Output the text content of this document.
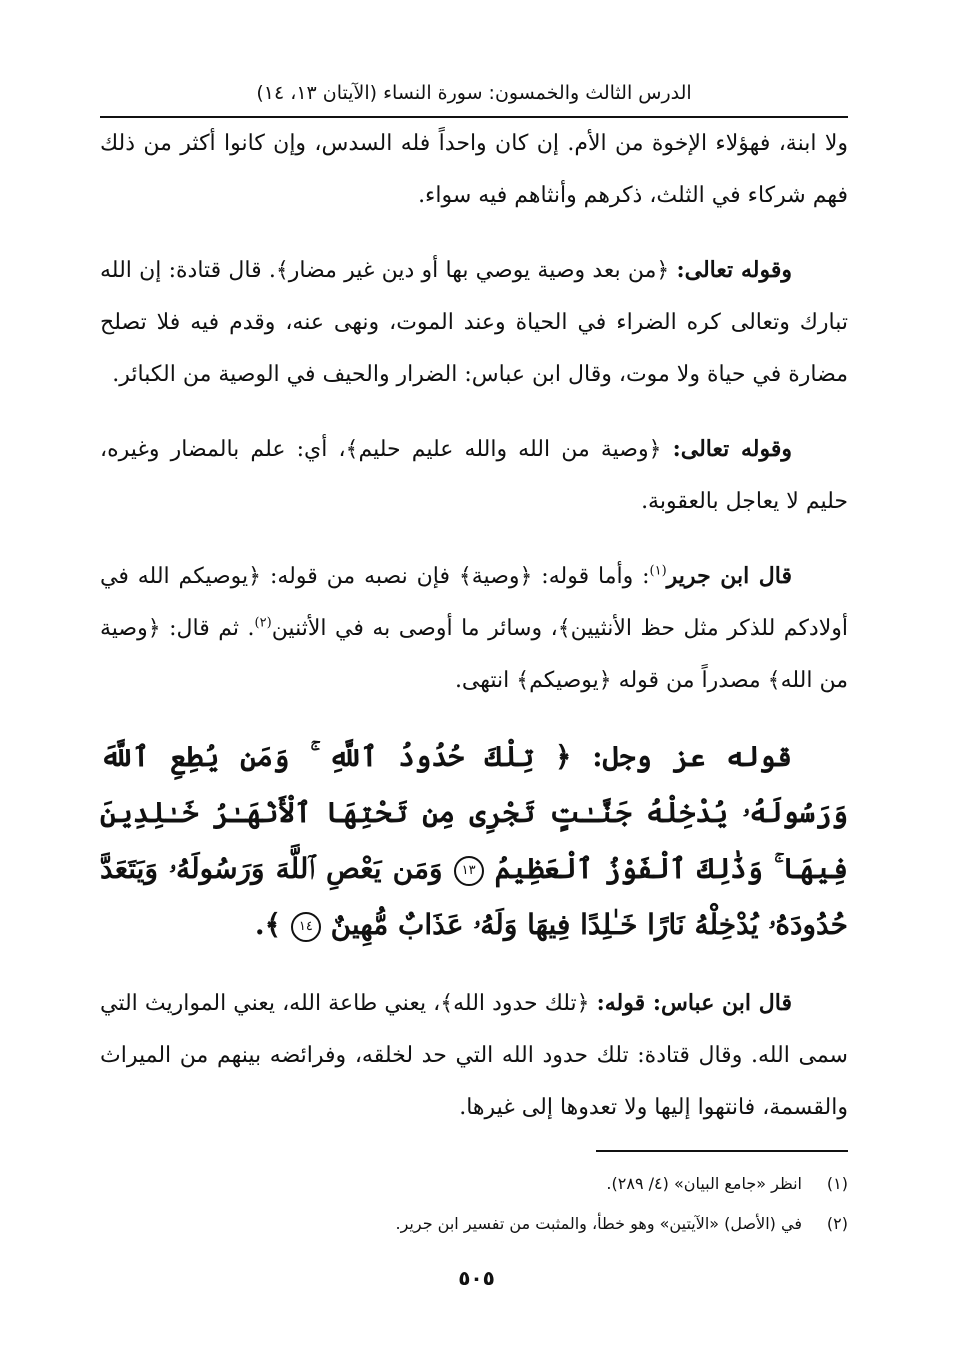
الدرس الثالث والخمسون: سورة النساء (الآيتان ١٣، ١٤)

ولا ابنة، فهؤلاء الإخوة من الأم. إن كان واحداً فله السدس، وإن كانوا أكثر من ذلك فهم شركاء في الثلث، ذكرهم وأنثاهم فيه سواء.

وقوله تعالى: ﴿من بعد وصية يوصي بها أو دين غير مضار﴾. قال قتادة: إن الله تبارك وتعالى كره الضراء في الحياة وعند الموت، ونهى عنه، وقدم فيه فلا تصلح مضارة في حياة ولا موت، وقال ابن عباس: الضرار والحيف في الوصية من الكبائر.

وقوله تعالى: ﴿وصية من الله والله عليم حليم﴾، أي: علم بالمضار وغيره، حليم لا يعاجل بالعقوبة.

قال ابن جرير$^{(١)}$: وأما قوله: ﴿وصية﴾ فإن نصبه من قوله: ﴿يوصيكم الله في أولادكم للذكر مثل حظ الأنثيين﴾، وسائر ما أوصى به في الأثنين$^{(٢)}$. ثم قال: ﴿وصية من الله﴾ مصدراً من قوله ﴿يوصيكم﴾ انتهى.

قوله عز وجل: ﴿ تِلْكَ حُدُودُ ٱللَّهِ ۚ وَمَن يُطِعِ ٱللَّهَ وَرَسُولَهُۥ يُدْخِلْهُ جَنَّـٰتٍ تَجْرِى مِن تَحْتِهَا ٱلْأَنْهَـٰرُ خَـٰلِدِينَ فِيهَا ۚ وَذَٰلِكَ ٱلْفَوْزُ ٱلْعَظِيمُ ١٣ وَمَن يَعْصِ ٱللَّهَ وَرَسُولَهُۥ وَيَتَعَدَّ حُدُودَهُۥ يُدْخِلْهُ نَارًا خَـٰلِدًا فِيهَا وَلَهُۥ عَذَابٌ مُّهِينٌ ١٤ ﴾.

قال ابن عباس: قوله: ﴿تلك حدود الله﴾، يعني طاعة الله، يعني المواريث التي سمى الله. وقال قتادة: تلك حدود الله التي حد لخلقه، وفرائضه بينهم من الميراث والقسمة، فانتهوا إليها ولا تعدوها إلى غيرها.

(١)انظر «جامع البيان» (٤/ ٢٨٩).
(٢)في (الأصل) «الآيتين» وهو خطأ، والمثبت من تفسير ابن جرير.
٥٠٥
